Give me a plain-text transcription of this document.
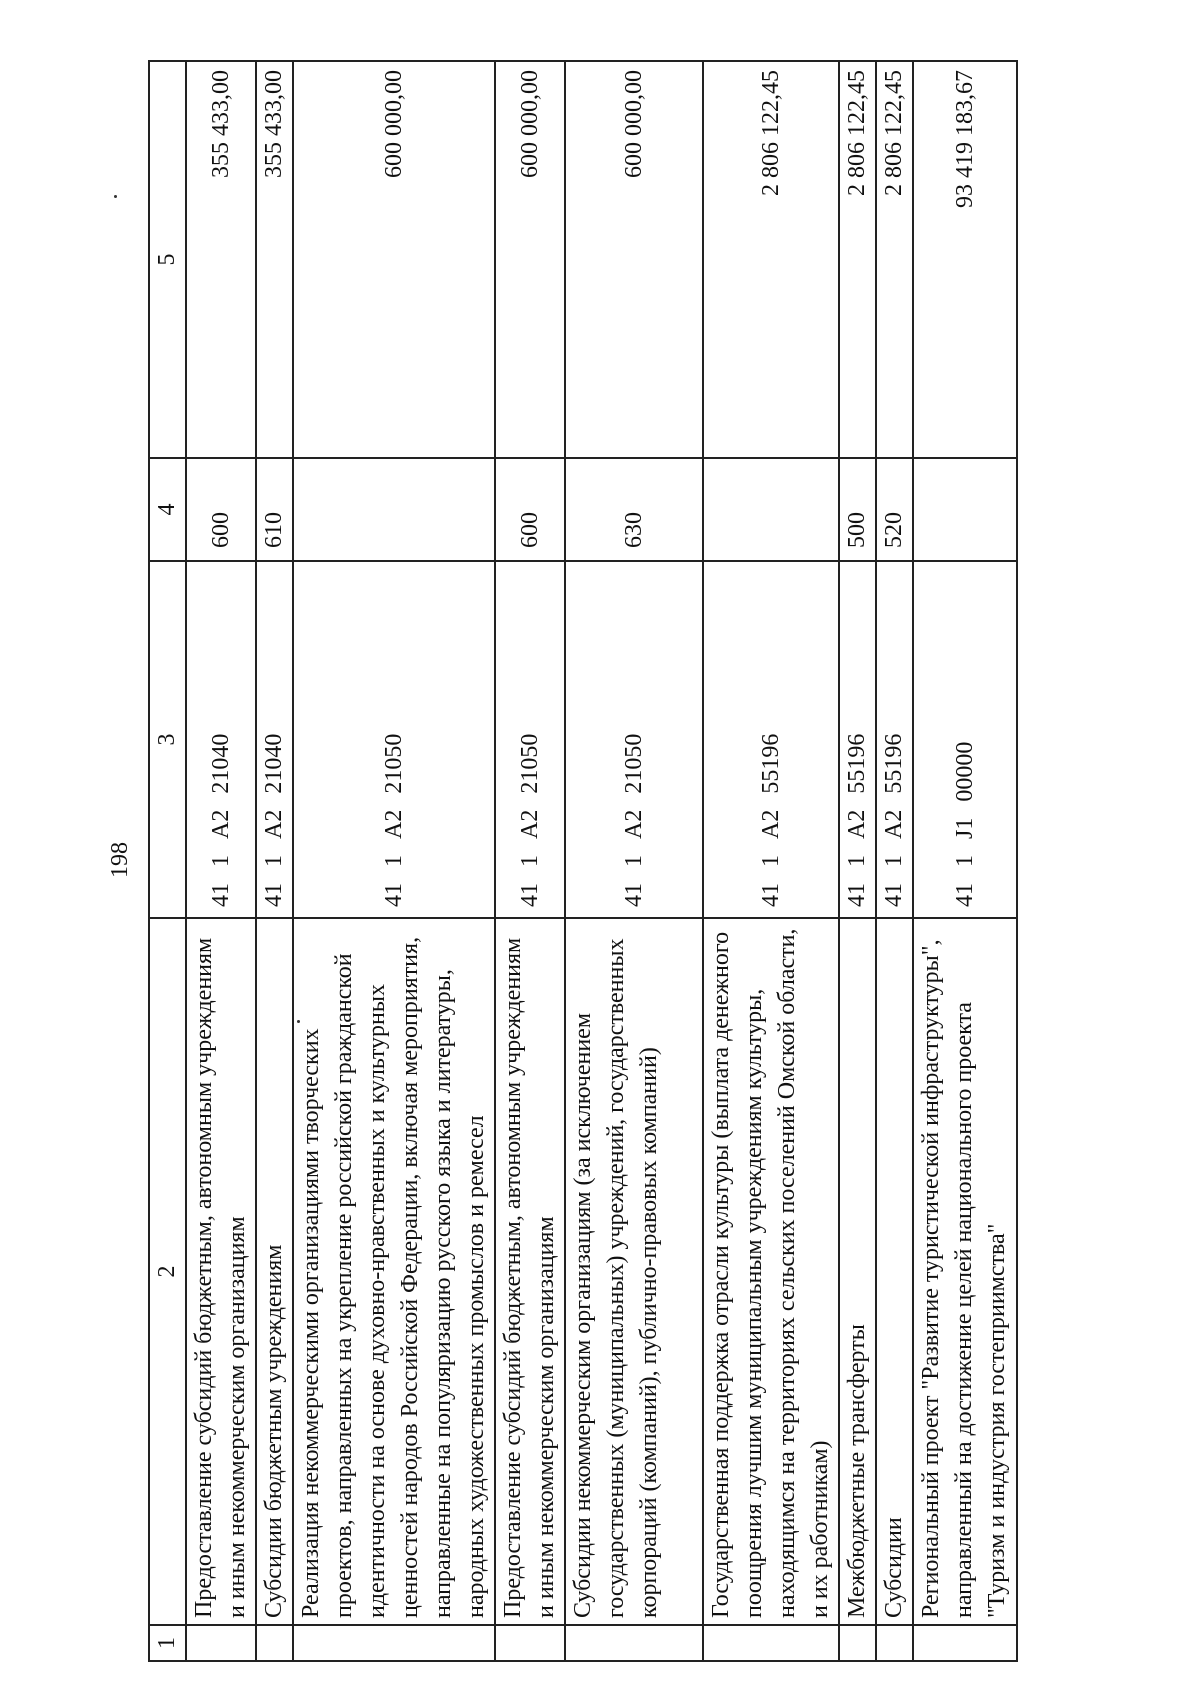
198
1	2	3	4	5
	Предоставление субсидий бюджетным, автономным учреждениям и иным некоммерческим организациям	411А221040	600	355 433,00
	Субсидии бюджетным учреждениям	411А221040	610	355 433,00
	Реализация некоммерческими организациями творческих проектов, направленных на укрепление российской гражданской идентичности на основе духовно-нравственных и культурных ценностей народов Российской Федерации, включая мероприятия, направленные на популяризацию русского языка и литературы, народных художественных промыслов и ремесел	411А221050		600 000,00
	Предоставление субсидий бюджетным, автономным учреждениям и иным некоммерческим организациям	411А221050	600	600 000,00
	Субсидии некоммерческим организациям (за исключением государственных (муниципальных) учреждений, государственных корпораций (компаний), публично-правовых компаний)	411А221050	630	600 000,00
	Государственная поддержка отрасли культуры (выплата денежного поощрения лучшим муниципальным учреждениям культуры, находящимся на территориях сельских поселений Омской области, и их работникам)	411А255196		2 806 122,45
	Межбюджетные трансферты	411А255196	500	2 806 122,45
	Субсидии	411А255196	520	2 806 122,45
	Региональный проект "Развитие туристической инфраструктуры", направленный на достижение целей национального проекта "Туризм и индустрия гостеприимства"	411J100000		93 419 183,67
